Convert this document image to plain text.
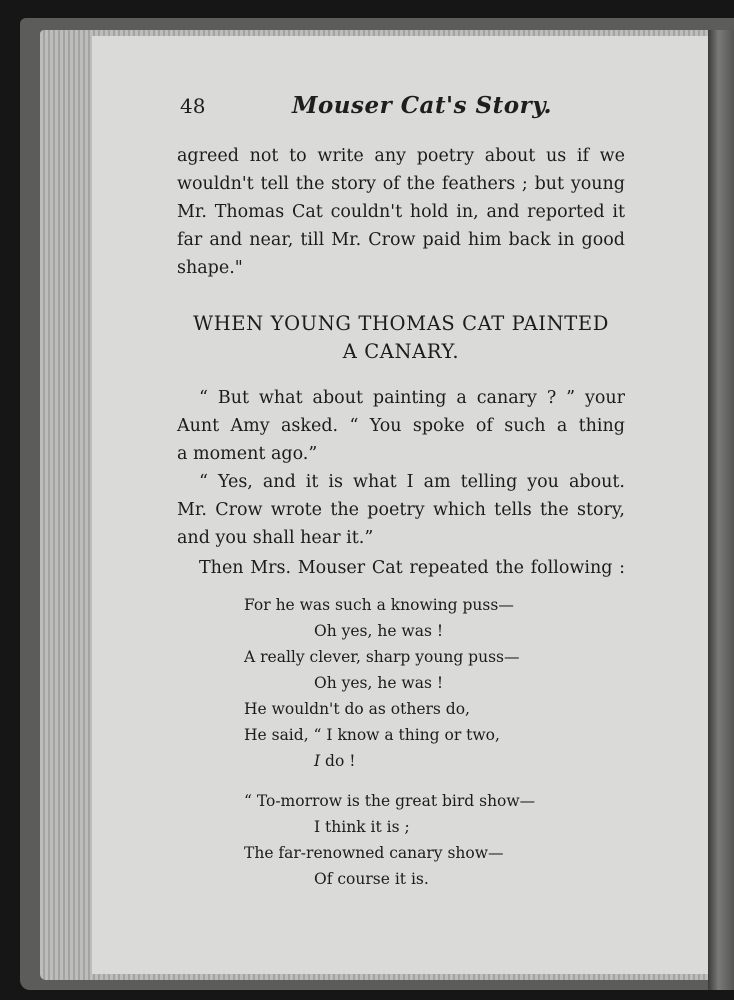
48	Mouser Cat's Story.
agreed not to write any poetry about us if we
wouldn't tell the story of the feathers ; but young
Mr. Thomas Cat couldn't hold in, and reported it
far and near, till Mr. Crow paid him back in good
shape."
WHEN YOUNG THOMAS CAT PAINTED
A CANARY.
“ But what about painting a canary ? ” your
Aunt Amy asked. “ You spoke of such a thing
a moment ago.”
“ Yes, and it is what I am telling you about.
Mr. Crow wrote the poetry which tells the story,
and you shall hear it.”
Then Mrs. Mouser Cat repeated the following :
For he was such a knowing puss—
Oh yes, he was !
A really clever, sharp young puss—
Oh yes, he was !
He wouldn't do as others do,
He said, “ I know a thing or two,
I do !
“ To-morrow is the great bird show—
I think it is ;
The far-renowned canary show—
Of course it is.
